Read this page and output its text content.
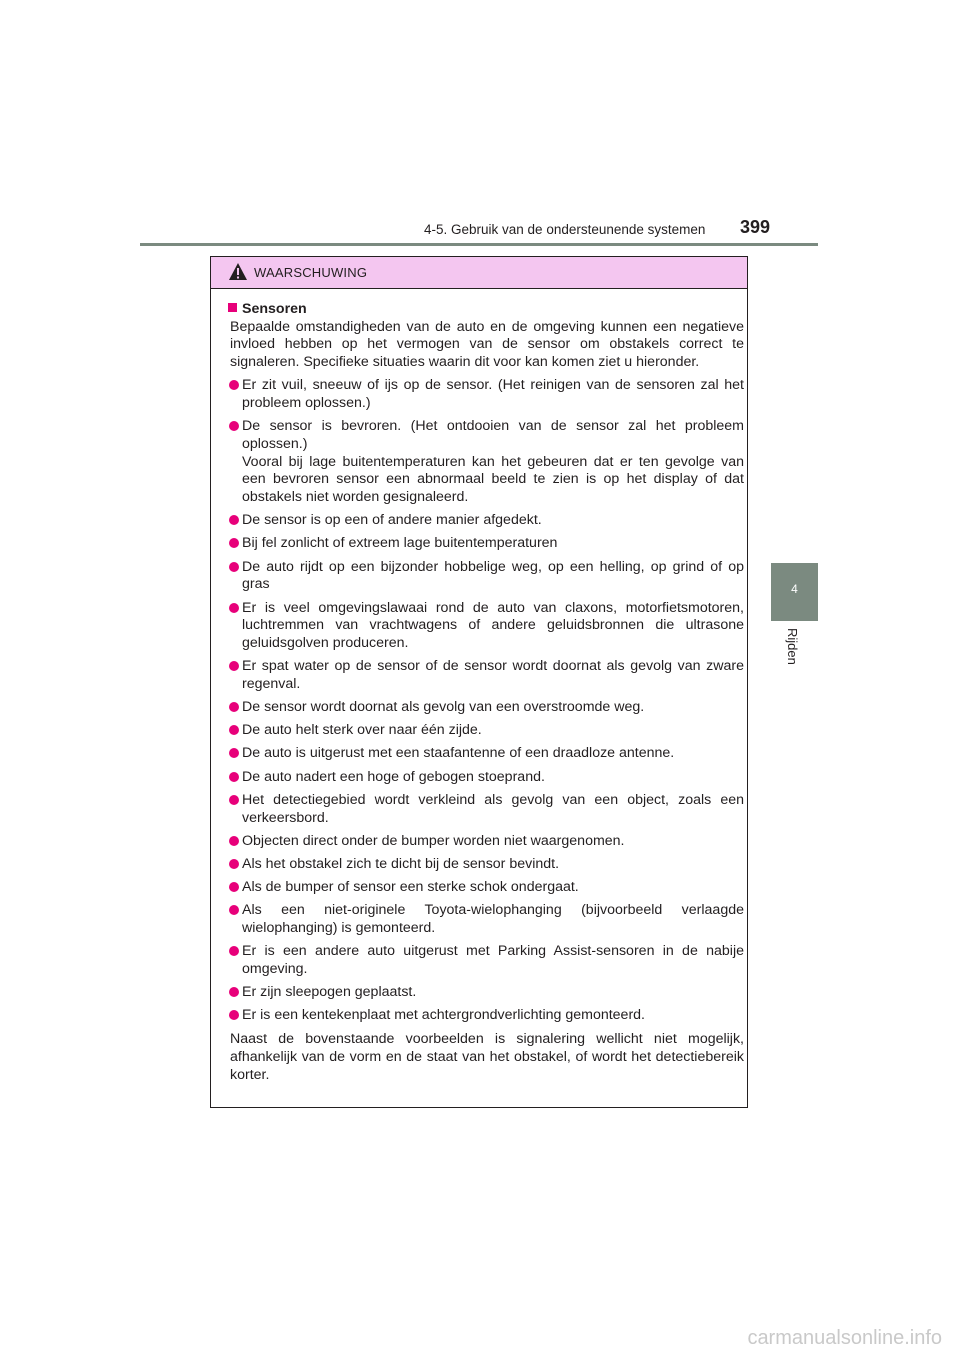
4-5. Gebruik van de ondersteunende systemen 399
4
Rijden
WAARSCHUWING
Sensoren
Bepaalde omstandigheden van de auto en de omgeving kunnen een negatieve invloed hebben op het vermogen van de sensor om obstakels correct te signaleren. Specifieke situaties waarin dit voor kan komen ziet u hieronder.
Er zit vuil, sneeuw of ijs op de sensor. (Het reinigen van de sensoren zal het probleem oplossen.)
De sensor is bevroren. (Het ontdooien van de sensor zal het probleem oplossen.)
Vooral bij lage buitentemperaturen kan het gebeuren dat er ten gevolge van een bevroren sensor een abnormaal beeld te zien is op het display of dat obstakels niet worden gesignaleerd.
De sensor is op een of andere manier afgedekt.
Bij fel zonlicht of extreem lage buitentemperaturen
De auto rijdt op een bijzonder hobbelige weg, op een helling, op grind of op gras
Er is veel omgevingslawaai rond de auto van claxons, motorfietsmotoren, luchtremmen van vrachtwagens of andere geluidsbronnen die ultrasone geluidsgolven produceren.
Er spat water op de sensor of de sensor wordt doornat als gevolg van zware regenval.
De sensor wordt doornat als gevolg van een overstroomde weg.
De auto helt sterk over naar één zijde.
De auto is uitgerust met een staafantenne of een draadloze antenne.
De auto nadert een hoge of gebogen stoeprand.
Het detectiegebied wordt verkleind als gevolg van een object, zoals een verkeersbord.
Objecten direct onder de bumper worden niet waargenomen.
Als het obstakel zich te dicht bij de sensor bevindt.
Als de bumper of sensor een sterke schok ondergaat.
Als een niet-originele Toyota-wielophanging (bijvoorbeeld verlaagde wielophanging) is gemonteerd.
Er is een andere auto uitgerust met Parking Assist-sensoren in de nabije omgeving.
Er zijn sleepogen geplaatst.
Er is een kentekenplaat met achtergrondverlichting gemonteerd.
Naast de bovenstaande voorbeelden is signalering wellicht niet mogelijk, afhankelijk van de vorm en de staat van het obstakel, of wordt het detectiebereik korter.
carmanualsonline.info
